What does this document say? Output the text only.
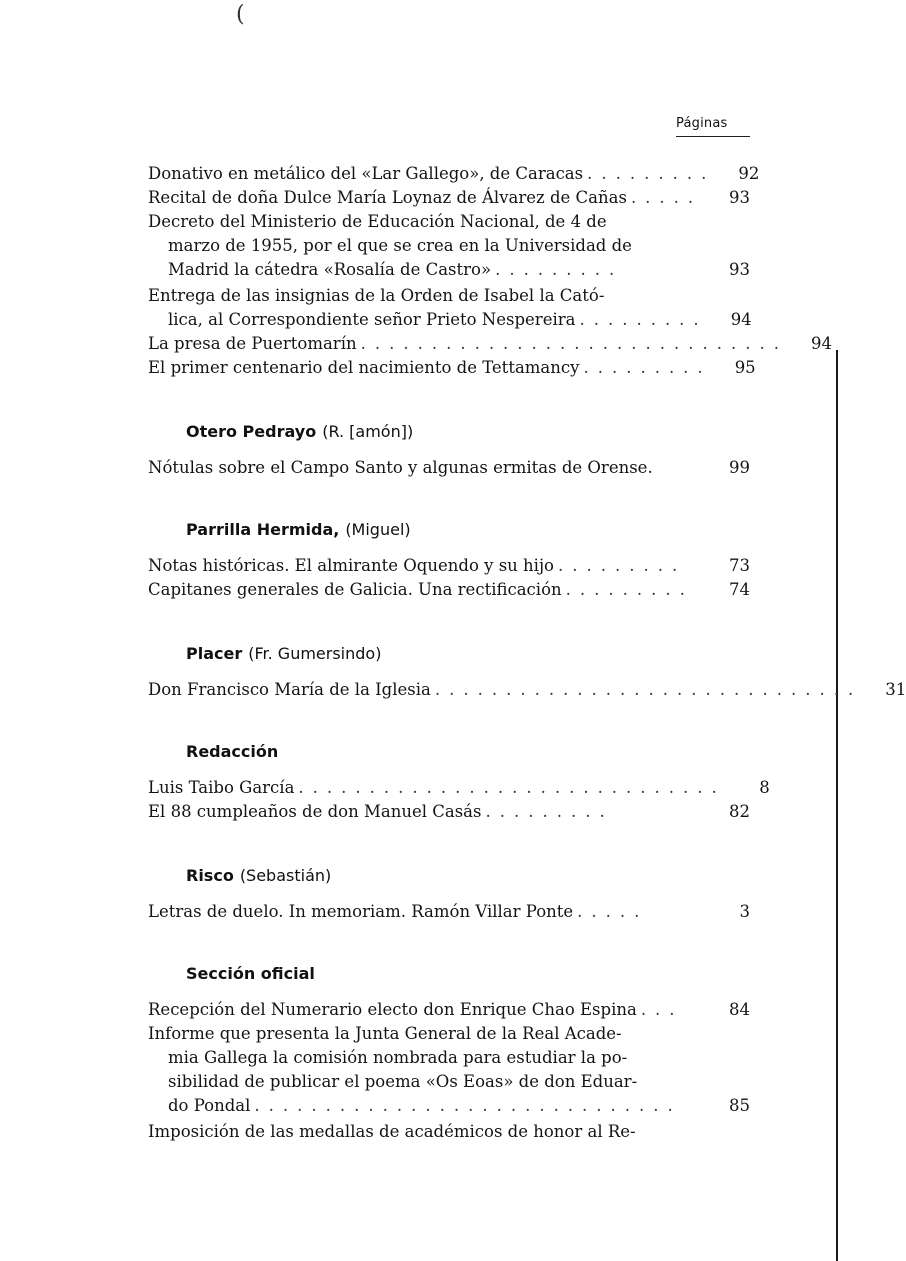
(
Páginas
Donativo en metálico del «Lar Gallego», de Caracas .........	92
Recital de doña Dulce María Loynaz de Álvarez de Cañas .....	93
Decreto del Ministerio de Educación Nacional, de 4 de
marzo de 1955, por el que se crea en la Universidad de
Madrid la cátedra «Rosalía de Castro» .........	93
Entrega de las insignias de la Orden de Isabel la Cató-
lica, al Correspondiente señor Prieto Nespereira .........	94
La presa de Puertomarín ..............................	94
El primer centenario del nacimiento de Tettamancy .........	95
Otero Pedrayo (R. [amón])
Nótulas sobre el Campo Santo y algunas ermitas de Orense.	99
Parrilla Hermida, (Miguel)
Notas históricas. El almirante Oquendo y su hijo .........	73
Capitanes generales de Galicia. Una rectificación .........	74
Placer (Fr. Gumersindo)
Don Francisco María de la Iglesia ..............................	31
Redacción
Luis Taibo García ..............................	8
El 88 cumpleaños de don Manuel Casás .........	82
Risco (Sebastián)
Letras de duelo. In memoriam. Ramón Villar Ponte .....	3
Sección oficial
Recepción del Numerario electo don Enrique Chao Espina ...	84
Informe que presenta la Junta General de la Real Acade-
mia Gallega la comisión nombrada para estudiar la po-
sibilidad de publicar el poema «Os Eoas» de don Eduar-
do Pondal ..............................	85
Imposición de las medallas de académicos de honor al Re-
